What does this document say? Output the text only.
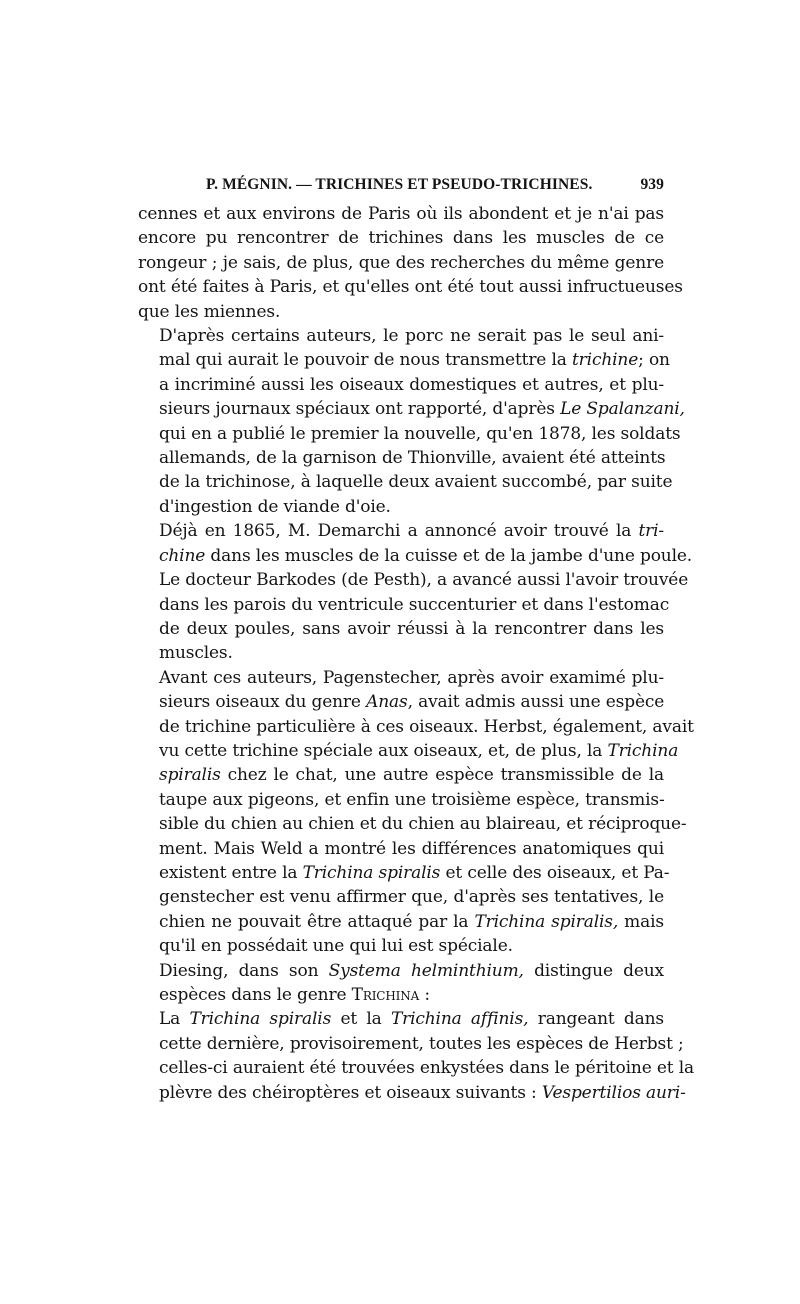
P. MÉGNIN. — TRICHINES ET PSEUDO-TRICHINES.	939

cennes et aux environs de Paris où ils abondent et je n'ai pas
encore pu rencontrer de trichines dans les muscles de ce
rongeur ; je sais, de plus, que des recherches du même genre
ont été faites à Paris, et qu'elles ont été tout aussi infructueuses
que les miennes.

D'après certains auteurs, le porc ne serait pas le seul ani-
mal qui aurait le pouvoir de nous transmettre la trichine; on
a incriminé aussi les oiseaux domestiques et autres, et plu-
sieurs journaux spéciaux ont rapporté, d'après Le Spalanzani,
qui en a publié le premier la nouvelle, qu'en 1878, les soldats
allemands, de la garnison de Thionville, avaient été atteints
de la trichinose, à laquelle deux avaient succombé, par suite
d'ingestion de viande d'oie.

Déjà en 1865, M. Demarchi a annoncé avoir trouvé la tri-
chine dans les muscles de la cuisse et de la jambe d'une poule.
Le docteur Barkodes (de Pesth), a avancé aussi l'avoir trouvée
dans les parois du ventricule succenturier et dans l'estomac
de deux poules, sans avoir réussi à la rencontrer dans les
muscles.

Avant ces auteurs, Pagenstecher, après avoir examimé plu-
sieurs oiseaux du genre Anas, avait admis aussi une espèce
de trichine particulière à ces oiseaux. Herbst, également, avait
vu cette trichine spéciale aux oiseaux, et, de plus, la Trichina
spiralis chez le chat, une autre espèce transmissible de la
taupe aux pigeons, et enfin une troisième espèce, transmis-
sible du chien au chien et du chien au blaireau, et réciproque-
ment. Mais Weld a montré les différences anatomiques qui
existent entre la Trichina spiralis et celle des oiseaux, et Pa-
genstecher est venu affirmer que, d'après ses tentatives, le
chien ne pouvait être attaqué par la Trichina spiralis, mais
qu'il en possédait une qui lui est spéciale.

Diesing, dans son Systema helminthium, distingue deux
espèces dans le genre Trichina :

La Trichina spiralis et la Trichina affinis, rangeant dans
cette dernière, provisoirement, toutes les espèces de Herbst ;
celles-ci auraient été trouvées enkystées dans le péritoine et la
plèvre des chéiroptères et oiseaux suivants : Vespertilios auri-
